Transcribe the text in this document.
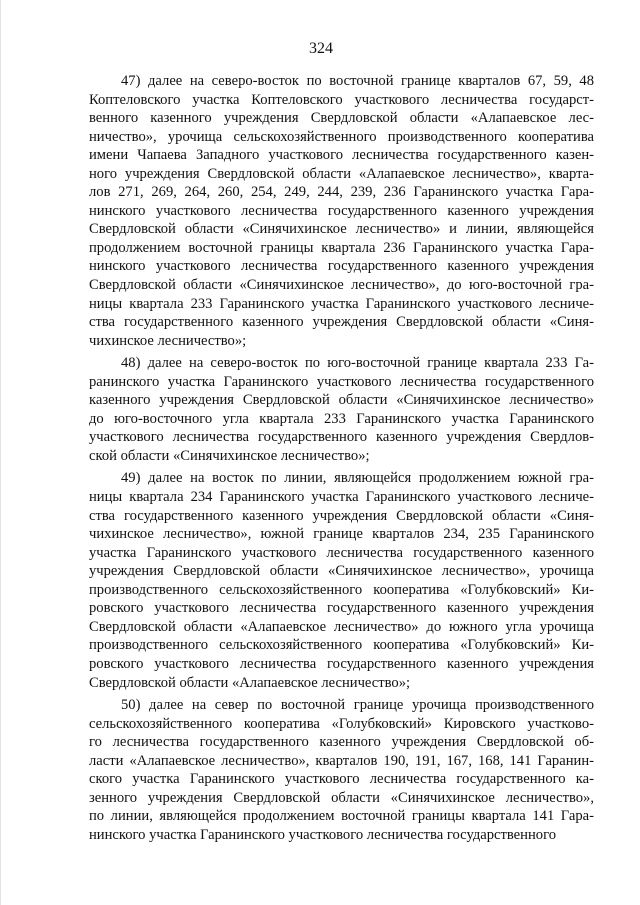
324
47) далее на северо-восток по восточной границе кварталов 67, 59, 48
Коптеловского участка Коптеловского участкового лесничества государст-
венного казенного учреждения Свердловской области «Алапаевское лес-
ничество», урочища сельскохозяйственного производственного кооператива
имени Чапаева Западного участкового лесничества государственного казен-
ного учреждения Свердловской области «Алапаевское лесничество», кварта-
лов 271, 269, 264, 260, 254, 249, 244, 239, 236 Гаранинского участка Гара-
нинского участкового лесничества государственного казенного учреждения
Свердловской области «Синячихинское лесничество» и линии, являющейся
продолжением восточной границы квартала 236 Гаранинского участка Гара-
нинского участкового лесничества государственного казенного учреждения
Свердловской области «Синячихинское лесничество», до юго-восточной гра-
ницы квартала 233 Гаранинского участка Гаранинского участкового лесниче-
ства государственного казенного учреждения Свердловской области «Синя-
чихинское лесничество»;
48) далее на северо-восток по юго-восточной границе квартала 233 Га-
ранинского участка Гаранинского участкового лесничества государственного
казенного учреждения Свердловской области «Синячихинское лесничество»
до юго-восточного угла квартала 233 Гаранинского участка Гаранинского
участкового лесничества государственного казенного учреждения Свердлов-
ской области «Синячихинское лесничество»;
49) далее на восток по линии, являющейся продолжением южной гра-
ницы квартала 234 Гаранинского участка Гаранинского участкового лесниче-
ства государственного казенного учреждения Свердловской области «Синя-
чихинское лесничество», южной границе кварталов 234, 235 Гаранинского
участка Гаранинского участкового лесничества государственного казенного
учреждения Свердловской области «Синячихинское лесничество», урочища
производственного сельскохозяйственного кооператива «Голубковский» Ки-
ровского участкового лесничества государственного казенного учреждения
Свердловской области «Алапаевское лесничество» до южного угла урочища
производственного сельскохозяйственного кооператива «Голубковский» Ки-
ровского участкового лесничества государственного казенного учреждения
Свердловской области «Алапаевское лесничество»;
50) далее на север по восточной границе урочища производственного
сельскохозяйственного кооператива «Голубковский» Кировского участково-
го лесничества государственного казенного учреждения Свердловской об-
ласти «Алапаевское лесничество», кварталов 190, 191, 167, 168, 141 Гаранин-
ского участка Гаранинского участкового лесничества государственного ка-
зенного учреждения Свердловской области «Синячихинское лесничество»,
по линии, являющейся продолжением восточной границы квартала 141 Гара-
нинского участка Гаранинского участкового лесничества государственного
